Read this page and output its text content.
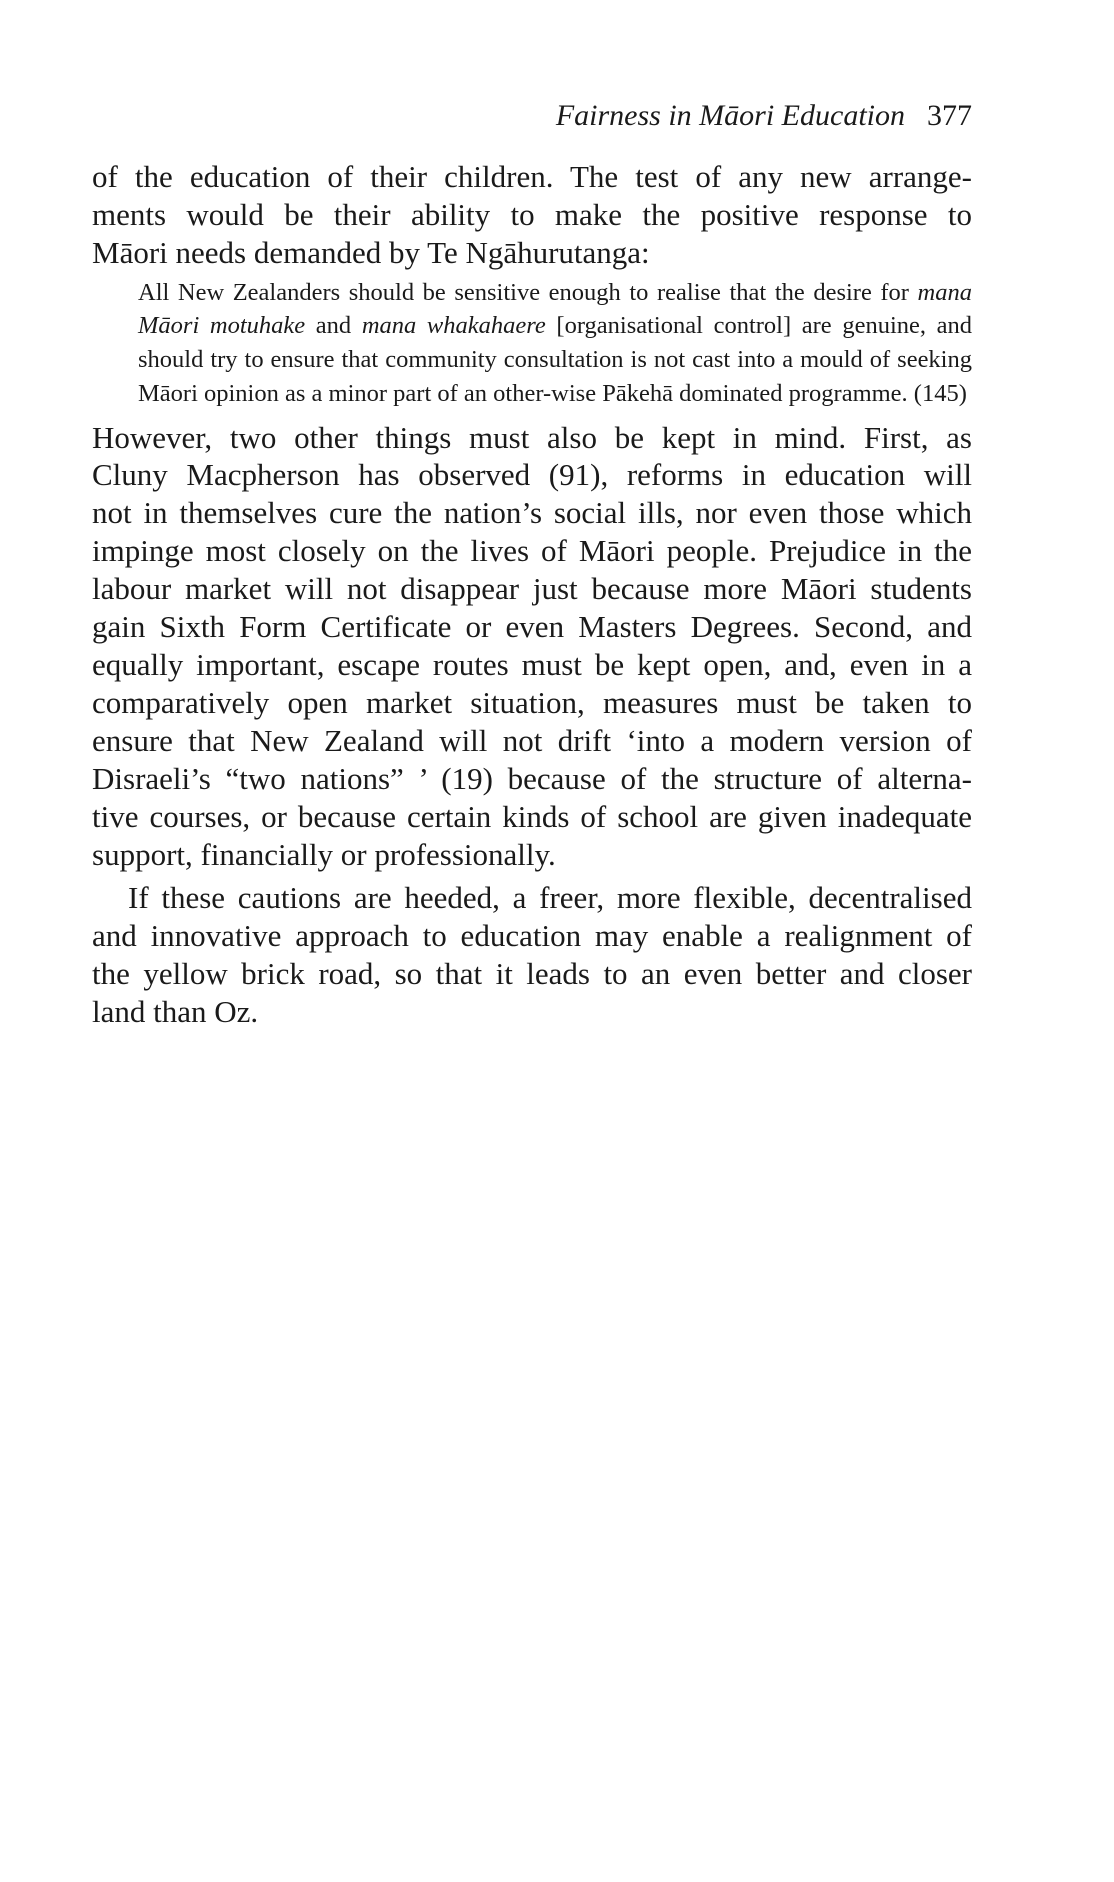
Fairness in Māori Education 377

of the education of their children. The test of any new arrange-

ments would be their ability to make the positive response to

Māori needs demanded by Te Ngāhurutanga:

All New Zealanders should be sensitive enough to realise that the desire for mana Māori motuhake and mana whakahaere [organisational control] are genuine, and should try to ensure that community consultation is not cast into a mould of seeking Māori opinion as a minor part of an other-wise Pākehā dominated programme. (145)

However, two other things must also be kept in mind. First, as

Cluny Macpherson has observed (91), reforms in education will

not in themselves cure the nation’s social ills, nor even those which

impinge most closely on the lives of Māori people. Prejudice in the

labour market will not disappear just because more Māori students

gain Sixth Form Certificate or even Masters Degrees. Second, and

equally important, escape routes must be kept open, and, even in a

comparatively open market situation, measures must be taken to

ensure that New Zealand will not drift ‘into a modern version of

Disraeli’s “two nations” ’ (19) because of the structure of alterna-

tive courses, or because certain kinds of school are given inadequate

support, financially or professionally.

If these cautions are heeded, a freer, more flexible, decentralised

and innovative approach to education may enable a realignment of

the yellow brick road, so that it leads to an even better and closer

land than Oz.
